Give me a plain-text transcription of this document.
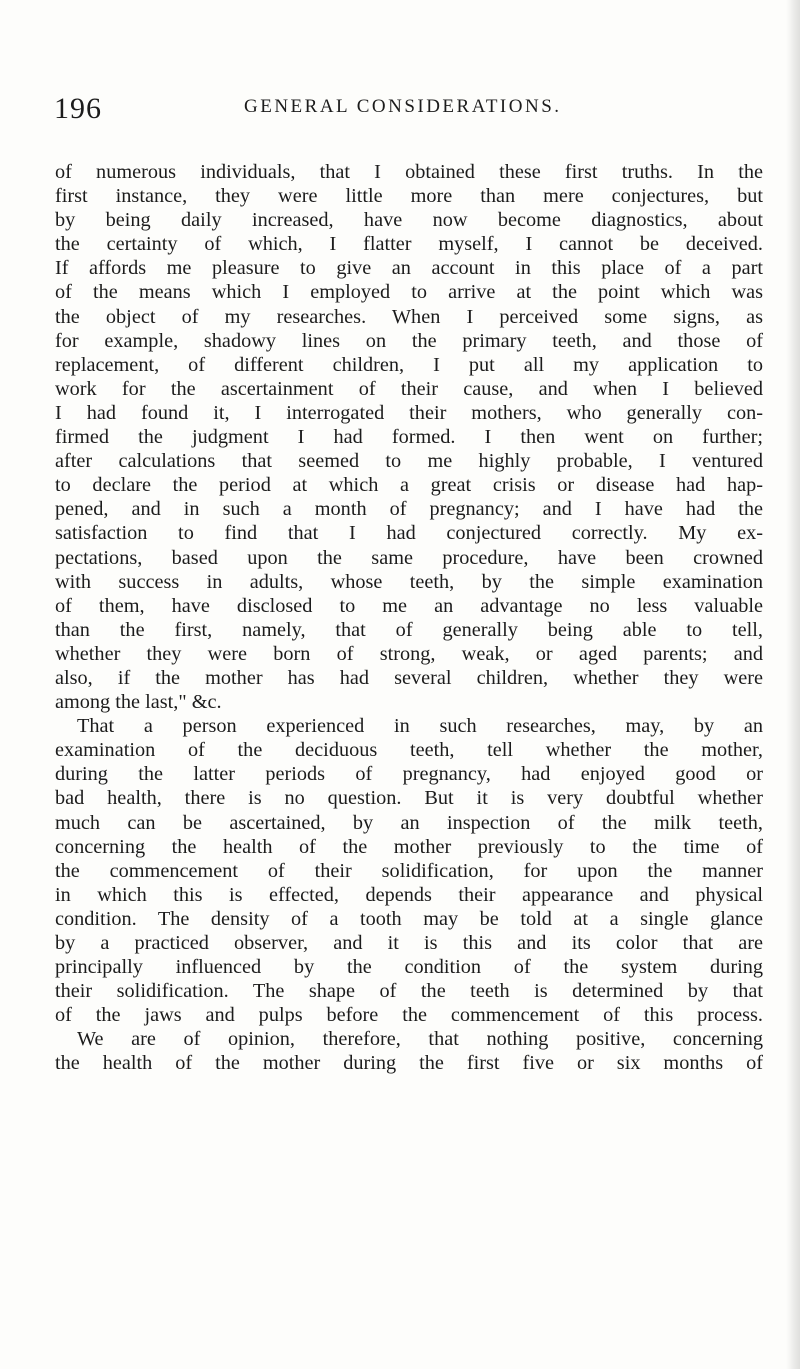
196	GENERAL CONSIDERATIONS.
of numerous individuals, that I obtained these first truths. In the
first instance, they were little more than mere conjectures, but
by being daily increased, have now become diagnostics, about
the certainty of which, I flatter myself, I cannot be deceived.
If affords me pleasure to give an account in this place of a part
of the means which I employed to arrive at the point which was
the object of my researches. When I perceived some signs, as
for example, shadowy lines on the primary teeth, and those of
replacement, of different children, I put all my application to
work for the ascertainment of their cause, and when I believed
I had found it, I interrogated their mothers, who generally con-
firmed the judgment I had formed. I then went on further;
after calculations that seemed to me highly probable, I ventured
to declare the period at which a great crisis or disease had hap-
pened, and in such a month of pregnancy; and I have had the
satisfaction to find that I had conjectured correctly. My ex-
pectations, based upon the same procedure, have been crowned
with success in adults, whose teeth, by the simple examination
of them, have disclosed to me an advantage no less valuable
than the first, namely, that of generally being able to tell,
whether they were born of strong, weak, or aged parents; and
also, if the mother has had several children, whether they were
among the last," &c.
That a person experienced in such researches, may, by an
examination of the deciduous teeth, tell whether the mother,
during the latter periods of pregnancy, had enjoyed good or
bad health, there is no question. But it is very doubtful whether
much can be ascertained, by an inspection of the milk teeth,
concerning the health of the mother previously to the time of
the commencement of their solidification, for upon the manner
in which this is effected, depends their appearance and physical
condition. The density of a tooth may be told at a single glance
by a practiced observer, and it is this and its color that are
principally influenced by the condition of the system during
their solidification. The shape of the teeth is determined by that
of the jaws and pulps before the commencement of this process.
We are of opinion, therefore, that nothing positive, concerning
the health of the mother during the first five or six months of
